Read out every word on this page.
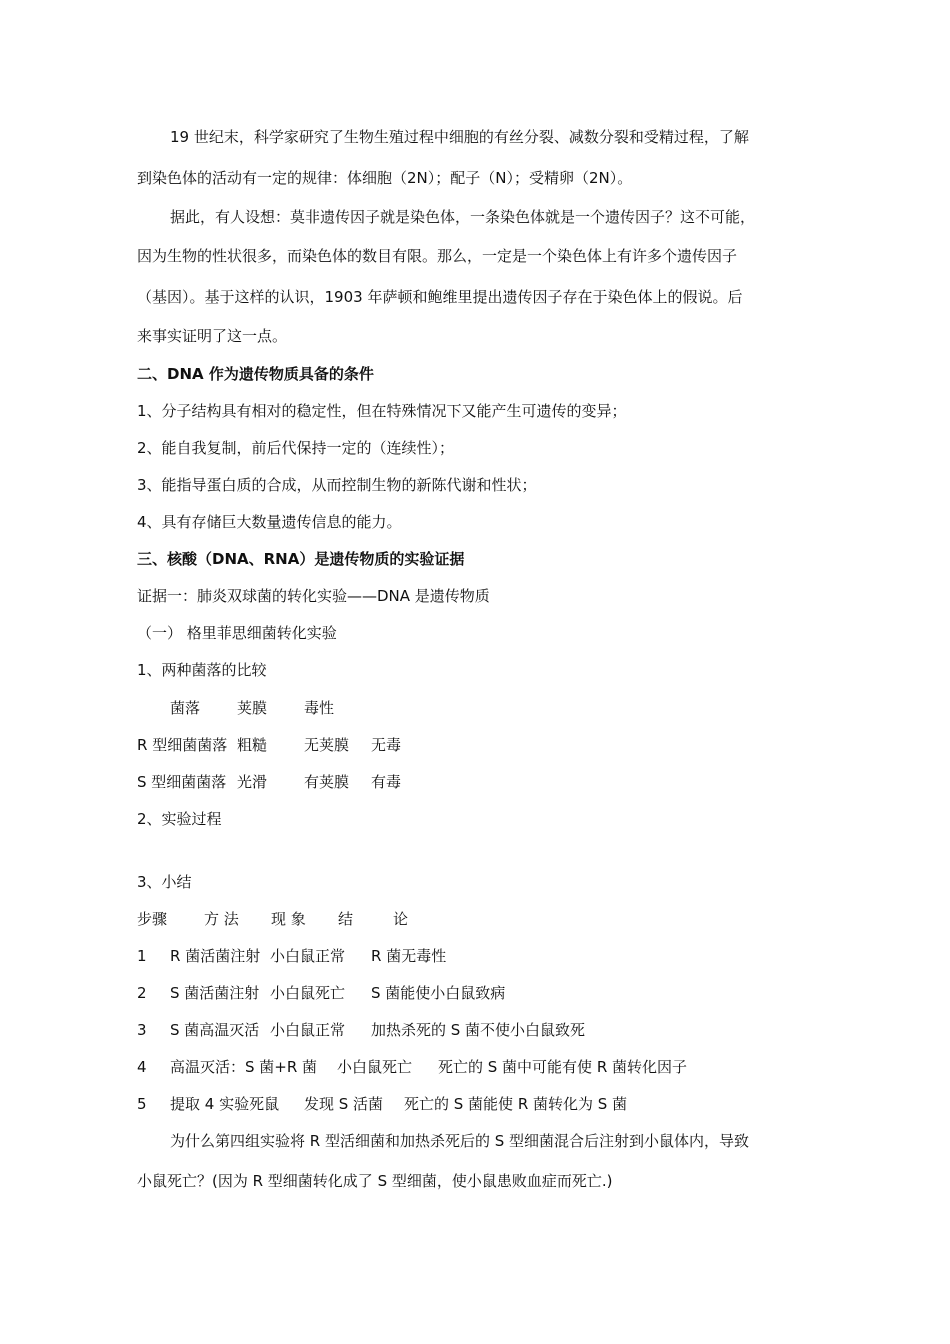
19 世纪末，科学家研究了生物生殖过程中细胞的有丝分裂、减数分裂和受精过程，了解
到染色体的活动有一定的规律：体细胞（2N）；配子（N）；受精卵（2N）。
据此，有人设想：莫非遗传因子就是染色体，一条染色体就是一个遗传因子？这不可能，
因为生物的性状很多，而染色体的数目有限。那么，一定是一个染色体上有许多个遗传因子
（基因）。基于这样的认识，1903 年萨顿和鲍维里提出遗传因子存在于染色体上的假说。后
来事实证明了这一点。
二、DNA 作为遗传物质具备的条件
1、分子结构具有相对的稳定性，但在特殊情况下又能产生可遗传的变异；
2、能自我复制，前后代保持一定的（连续性）；
3、能指导蛋白质的合成，从而控制生物的新陈代谢和性状；
4、具有存储巨大数量遗传信息的能力。
三、核酸（DNA、RNA）是遗传物质的实验证据
证据一：肺炎双球菌的转化实验——DNA 是遗传物质
（一） 格里菲思细菌转化实验
1、两种菌落的比较
菌落 荚膜 毒性
R 型细菌菌落 粗糙 无荚膜 无毒
S 型细菌菌落 光滑 有荚膜 有毒
2、实验过程
3、小结
步骤 方 法 现 象 结	论
1 R 菌活菌注射 小白鼠正常 R 菌无毒性
2 S 菌活菌注射 小白鼠死亡 S 菌能使小白鼠致病
3 S 菌高温灭活 小白鼠正常 加热杀死的 S 菌不使小白鼠致死
4 高温灭活：S 菌+R 菌 小白鼠死亡 死亡的 S 菌中可能有使 R 菌转化因子
5 提取 4 实验死鼠 发现 S 活菌 死亡的 S 菌能使 R 菌转化为 S 菌
为什么第四组实验将 R 型活细菌和加热杀死后的 S 型细菌混合后注射到小鼠体内，导致
小鼠死亡？(因为 R 型细菌转化成了 S 型细菌，使小鼠患败血症而死亡.)
